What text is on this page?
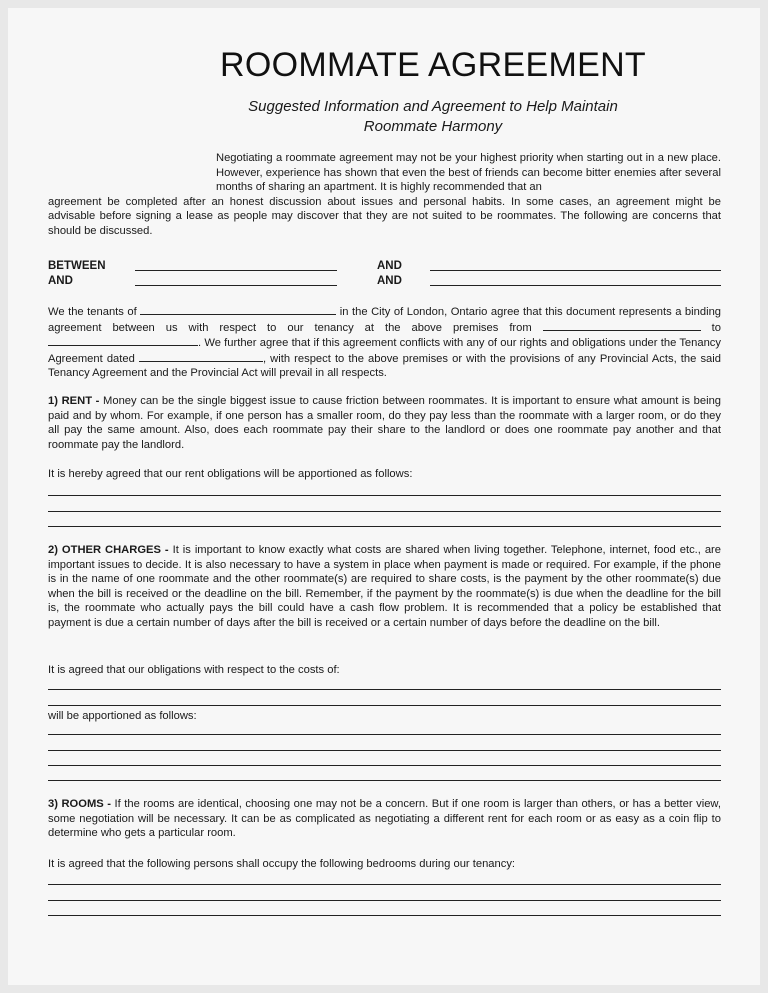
ROOMMATE AGREEMENT
Suggested Information and Agreement to Help Maintain
Roommate Harmony
Negotiating a roommate agreement may not be your highest priority when starting out in a new place. However, experience has shown that even the best of friends can become bitter enemies after several months of sharing an apartment. It is highly recommended that an
agreement be completed after an honest discussion about issues and personal habits. In some cases, an agreement might be advisable before signing a lease as people may discover that they are not suited to be roommates. The following are concerns that should be discussed.
BETWEEN	AND
AND	AND
We the tenants of	in the City of London, Ontario agree that this document represents a binding agreement between us with respect to our tenancy at the above premises from	to . We further agree that if this agreement conflicts with any of our rights and obligations under the Tenancy Agreement dated	, with respect to the above premises or with the provisions of any Provincial Acts, the said Tenancy Agreement and the Provincial Act will prevail in all respects.
1) RENT - Money can be the single biggest issue to cause friction between roommates. It is important to ensure what amount is being paid and by whom. For example, if one person has a smaller room, do they pay less than the roommate with a larger room, or do they all pay the same amount. Also, does each roommate pay their share to the landlord or does one roommate pay another and that roommate pay the landlord.
It is hereby agreed that our rent obligations will be apportioned as follows:
2) OTHER CHARGES - It is important to know exactly what costs are shared when living together. Telephone, internet, food etc., are important issues to decide. It is also necessary to have a system in place when payment is made or required. For example, if the phone is in the name of one roommate and the other roommate(s) are required to share costs, is the payment by the other roommate(s) due when the bill is received or the deadline on the bill. Remember, if the payment by the roommate(s) is due when the deadline for the bill is, the roommate who actually pays the bill could have a cash flow problem. It is recommended that a policy be established that payment is due a certain number of days after the bill is received or a certain number of days before the deadline on the bill.
It is agreed that our obligations with respect to the costs of:
will be apportioned as follows:
3) ROOMS - If the rooms are identical, choosing one may not be a concern. But if one room is larger than others, or has a better view, some negotiation will be necessary. It can be as complicated as negotiating a different rent for each room or as easy as a coin flip to determine who gets a particular room.
It is agreed that the following persons shall occupy the following bedrooms during our tenancy:
